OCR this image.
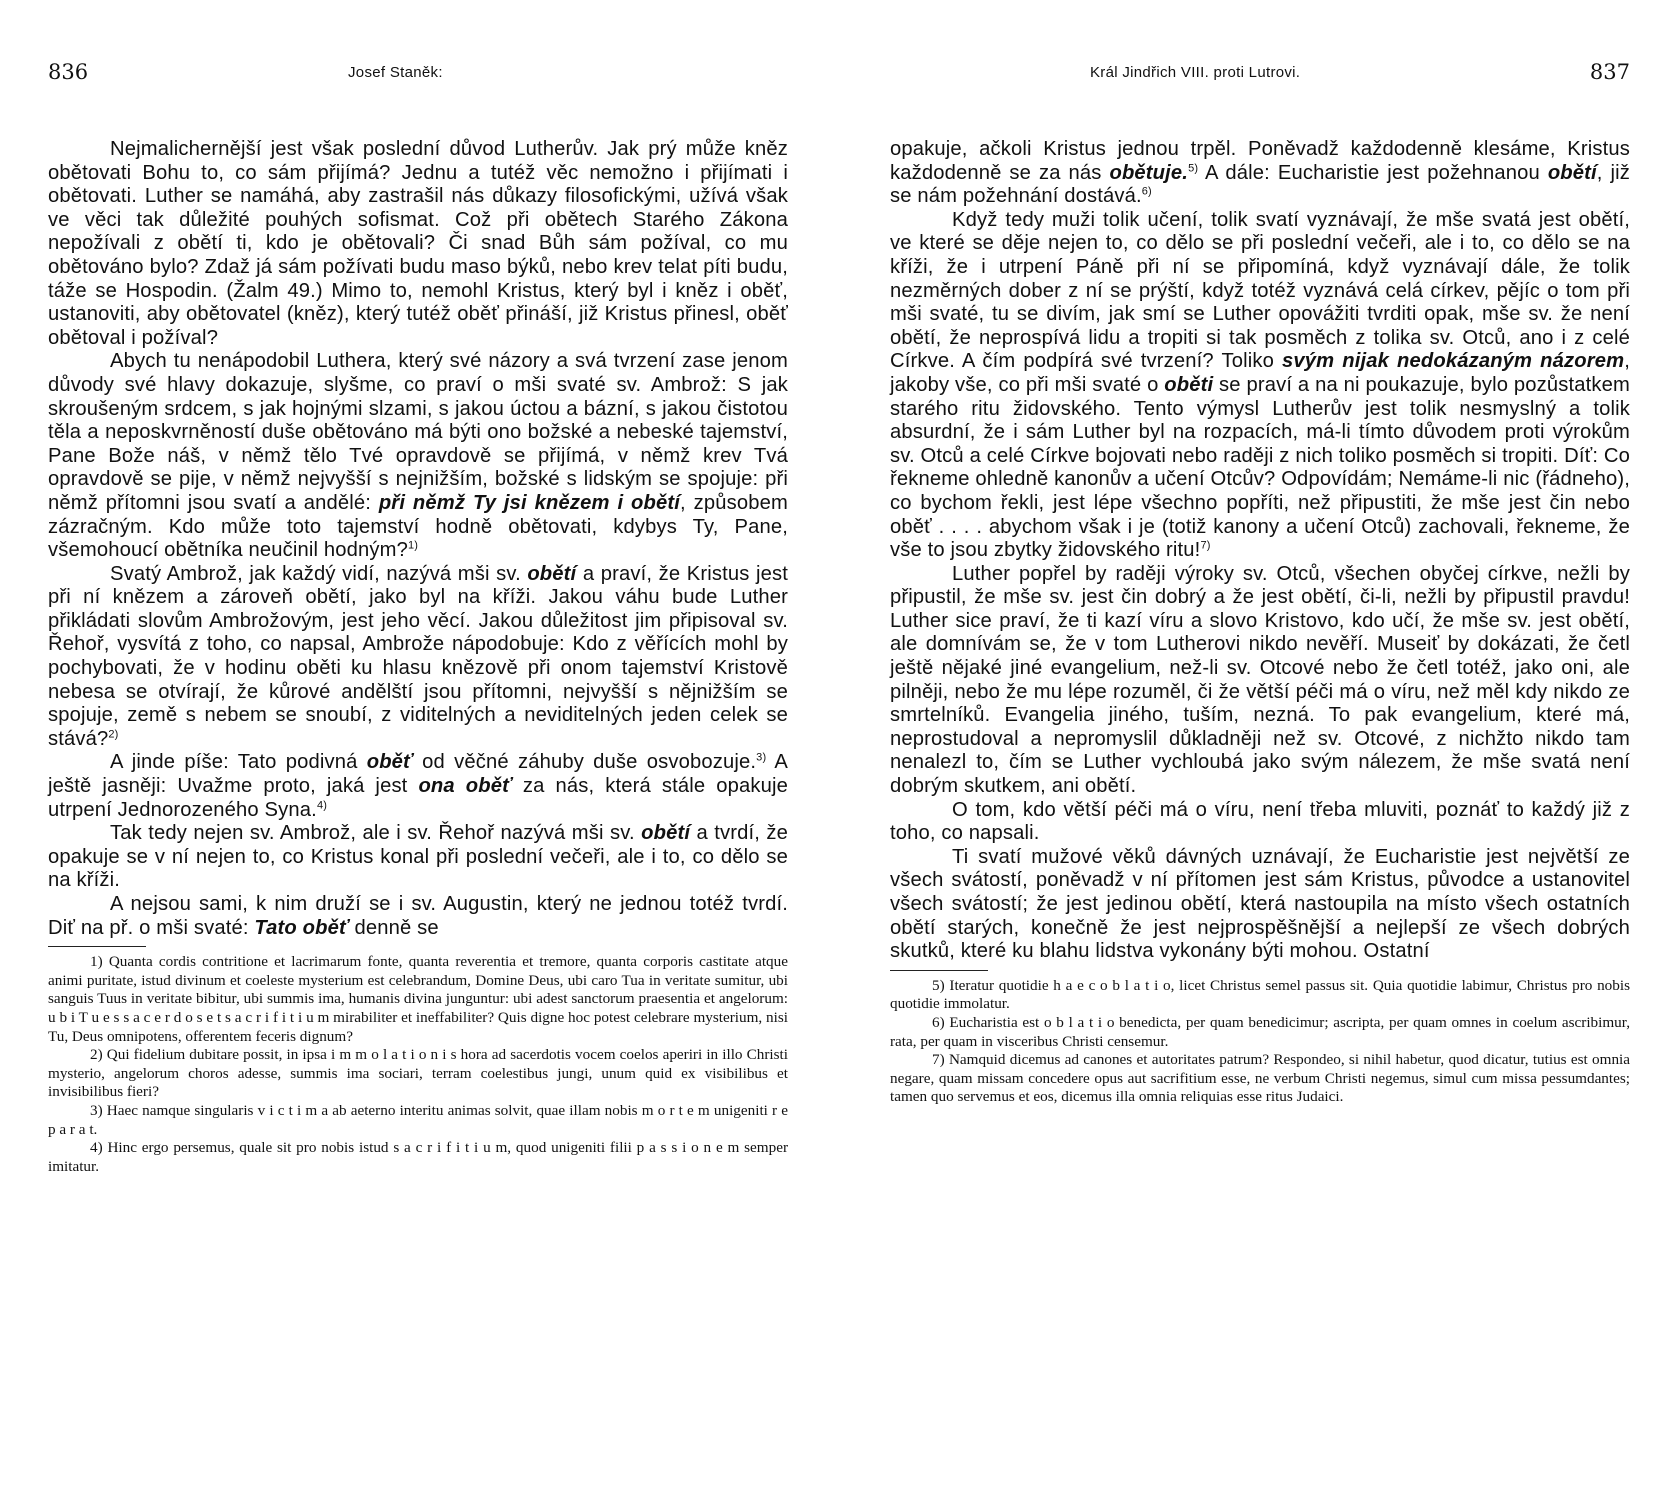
836	Josef Staněk:

Nejmalichernější jest však poslední důvod Lutherův. Jak prý může kněz obětovati Bohu to, co sám přijímá? Jednu a tutéž věc nemožno i přijímati i obětovati. Luther se namáhá, aby zastrašil nás důkazy filosofickými, užívá však ve věci tak důležité pouhých sofismat. Což při obětech Starého Zákona nepožívali z obětí ti, kdo je obětovali? Či snad Bůh sám požíval, co mu obětováno bylo? Zdaž já sám požívati budu maso býků, nebo krev telat píti budu, táže se Hospodin. (Žalm 49.) Mimo to, nemohl Kristus, který byl i kněz i oběť, ustanoviti, aby obětovatel (kněz), který tutéž oběť přináší, již Kristus přinesl, oběť obětoval i požíval?

Abych tu nenápodobil Luthera, který své názory a svá tvrzení zase jenom důvody své hlavy dokazuje, slyšme, co praví o mši svaté sv. Ambrož: S jak skroušeným srdcem, s jak hojnými slzami, s jakou úctou a bázní, s jakou čistotou těla a neposkvrněností duše obětováno má býti ono božské a nebeské tajemství, Pane Bože náš, v němž tělo Tvé opravdově se přijímá, v němž krev Tvá opravdově se pije, v němž nejvyšší s nejnižším, božské s lidským se spojuje: při němž přítomni jsou svatí a andělé: při němž Ty jsi knězem i obětí, způsobem zázračným. Kdo může toto tajemství hodně obětovati, kdybys Ty, Pane, všemohoucí obětníka neučinil hodným?$^{1)}$

Svatý Ambrož, jak každý vidí, nazývá mši sv. obětí a praví, že Kristus jest při ní knězem a zároveň obětí, jako byl na kříži. Jakou váhu bude Luther přikládati slovům Ambrožovým, jest jeho věcí. Jakou důležitost jim připisoval sv. Řehoř, vysvítá z toho, co napsal, Ambrože nápodobuje: Kdo z věřících mohl by pochybovati, že v hodinu oběti ku hlasu knězově při onom tajemství Kristově nebesa se otvírají, že kůrové andělští jsou přítomni, nejvyšší s nějnižším se spojuje, země s nebem se snoubí, z viditelných a neviditelných jeden celek se stává?$^{2)}$

A jinde píše: Tato podivná oběť od věčné záhuby duše osvobozuje.$^{3)}$ A ještě jasněji: Uvažme proto, jaká jest ona oběť za nás, která stále opakuje utrpení Jednorozeného Syna.$^{4)}$

Tak tedy nejen sv. Ambrož, ale i sv. Řehoř nazývá mši sv. obětí a tvrdí, že opakuje se v ní nejen to, co Kristus konal při poslední večeři, ale i to, co dělo se na kříži.

A nejsou sami, k nim druží se i sv. Augustin, který ne jednou totéž tvrdí. Diť na př. o mši svaté: Tato oběť denně se

1) Quanta cordis contritione et lacrimarum fonte, quanta reverentia et tremore, quanta corporis castitate atque animi puritate, istud divinum et coeleste mysterium est celebrandum, Domine Deus, ubi caro Tua in veritate sumitur, ubi sanguis Tuus in veritate bibitur, ubi summis ima, humanis divina junguntur: ubi adest sanctorum praesentia et angelorum: u b i T u e s s a c e r d o s e t s a c r i f i t i u m mirabiliter et ineffabiliter? Quis digne hoc potest celebrare mysterium, nisi Tu, Deus omnipotens, offerentem feceris dignum?

2) Qui fidelium dubitare possit, in ipsa i m m o l a t i o n i s hora ad sacerdotis vocem coelos aperiri in illo Christi mysterio, angelorum choros adesse, summis ima sociari, terram coelestibus jungi, unum quid ex visibilibus et invisibilibus fieri?

3) Haec namque singularis v i c t i m a ab aeterno interitu animas solvit, quae illam nobis m o r t e m unigeniti r e p a r a t.

4) Hinc ergo persemus, quale sit pro nobis istud s a c r i f i t i u m, quod unigeniti filii p a s s i o n e m semper imitatur.

Král Jindřich VIII. proti Lutrovi.	837

opakuje, ačkoli Kristus jednou trpěl. Poněvadž každodenně klesáme, Kristus každodenně se za nás obětuje.$^{5)}$ A dále: Eucharistie jest požehnanou obětí, již se nám požehnání dostává.$^{6)}$

Když tedy muži tolik učení, tolik svatí vyznávají, že mše svatá jest obětí, ve které se děje nejen to, co dělo se při poslední večeři, ale i to, co dělo se na kříži, že i utrpení Páně při ní se připomíná, když vyznávají dále, že tolik nezměrných dober z ní se prýští, když totéž vyznává celá církev, pějíc o tom při mši svaté, tu se divím, jak smí se Luther opovážiti tvrditi opak, mše sv. že není obětí, že neprospívá lidu a tropiti si tak posměch z tolika sv. Otců, ano i z celé Církve. A čím podpírá své tvrzení? Toliko svým nijak nedokázaným názorem, jakoby vše, co při mši svaté o oběti se praví a na ni poukazuje, bylo pozůstatkem starého ritu židovského. Tento výmysl Lutherův jest tolik nesmyslný a tolik absurdní, že i sám Luther byl na rozpacích, má-li tímto důvodem proti výrokům sv. Otců a celé Církve bojovati nebo raději z nich toliko posměch si tropiti. Díť: Co řekneme ohledně kanonův a učení Otcův? Odpovídám; Nemáme-li nic (řádneho), co bychom řekli, jest lépe všechno popříti, než připustiti, že mše jest čin nebo oběť . . . . abychom však i je (totiž kanony a učení Otců) zachovali, řekneme, že vše to jsou zbytky židovského ritu!$^{7)}$

Luther popřel by raději výroky sv. Otců, všechen obyčej církve, nežli by připustil, že mše sv. jest čin dobrý a že jest obětí, či-li, nežli by připustil pravdu! Luther sice praví, že ti kazí víru a slovo Kristovo, kdo učí, že mše sv. jest obětí, ale domnívám se, že v tom Lutherovi nikdo nevěří. Museiť by dokázati, že četl ještě nějaké jiné evangelium, než-li sv. Otcové nebo že četl totéž, jako oni, ale pilněji, nebo že mu lépe rozuměl, či že větší péči má o víru, než měl kdy nikdo ze smrtelníků. Evangelia jiného, tuším, nezná. To pak evangelium, které má, neprostudoval a nepromyslil důkladněji než sv. Otcové, z nichžto nikdo tam nenalezl to, čím se Luther vychloubá jako svým nálezem, že mše svatá není dobrým skutkem, ani obětí.

O tom, kdo větší péči má o víru, není třeba mluviti, poznáť to každý již z toho, co napsali.

Ti svatí mužové věků dávných uznávají, že Eucharistie jest největší ze všech svátostí, poněvadž v ní přítomen jest sám Kristus, původce a ustanovitel všech svátostí; že jest jedinou obětí, která nastoupila na místo všech ostatních obětí starých, konečně že jest nejprospěšnější a nejlepší ze všech dobrých skutků, které ku blahu lidstva vykonány býti mohou. Ostatní

5) Iteratur quotidie h a e c o b l a t i o, licet Christus semel passus sit. Quia quotidie labimur, Christus pro nobis quotidie immolatur.

6) Eucharistia est o b l a t i o benedicta, per quam benedicimur; ascripta, per quam omnes in coelum ascribimur, rata, per quam in visceribus Christi censemur.

7) Namquid dicemus ad canones et autoritates patrum? Respondeo, si nihil habetur, quod dicatur, tutius est omnia negare, quam missam concedere opus aut sacrifitium esse, ne verbum Christi negemus, simul cum missa pessumdantes; tamen quo servemus et eos, dicemus illa omnia reliquias esse ritus Judaici.
